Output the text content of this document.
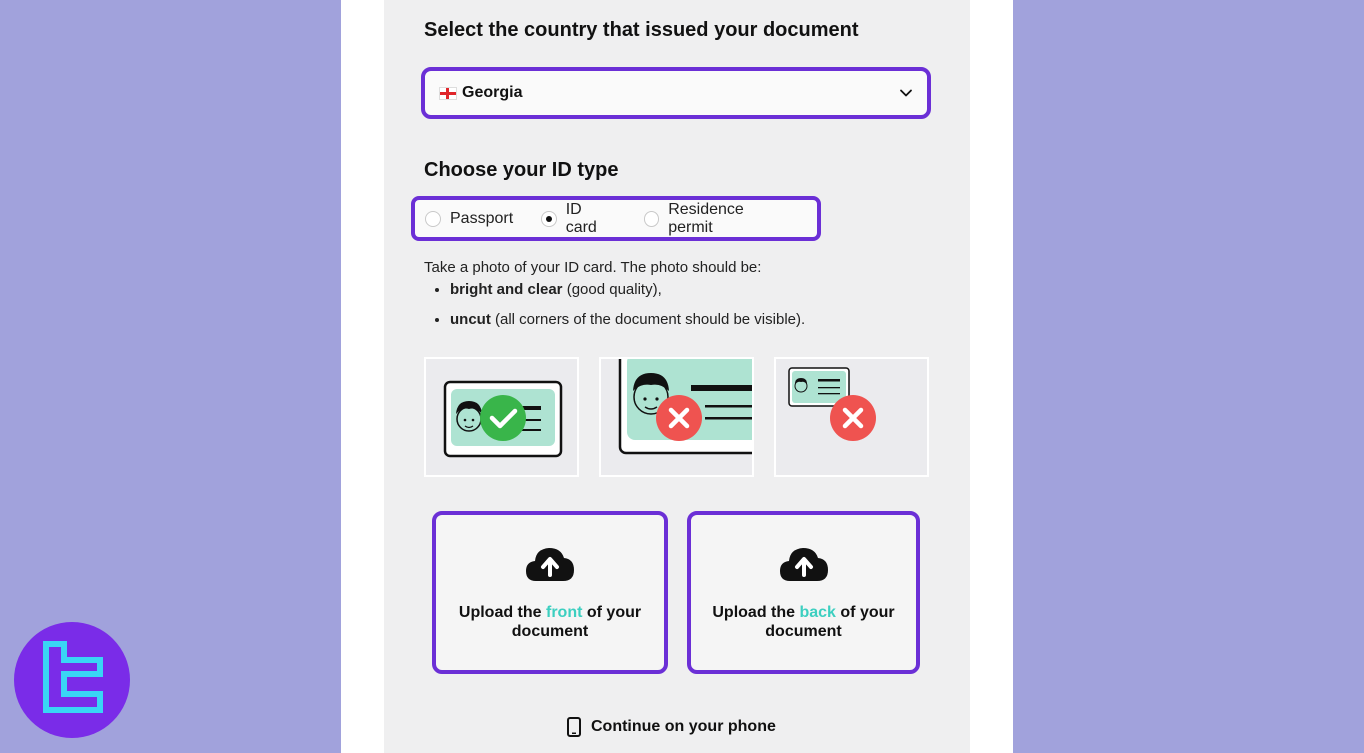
Select the country that issued your document
Georgia
Choose your ID type
Passport
ID card
Residence permit
Take a photo of your ID card. The photo should be:
• bright and clear (good quality),
• uncut (all corners of the document should be visible).
Upload the front of your document
Upload the back of your document
Continue on your phone
